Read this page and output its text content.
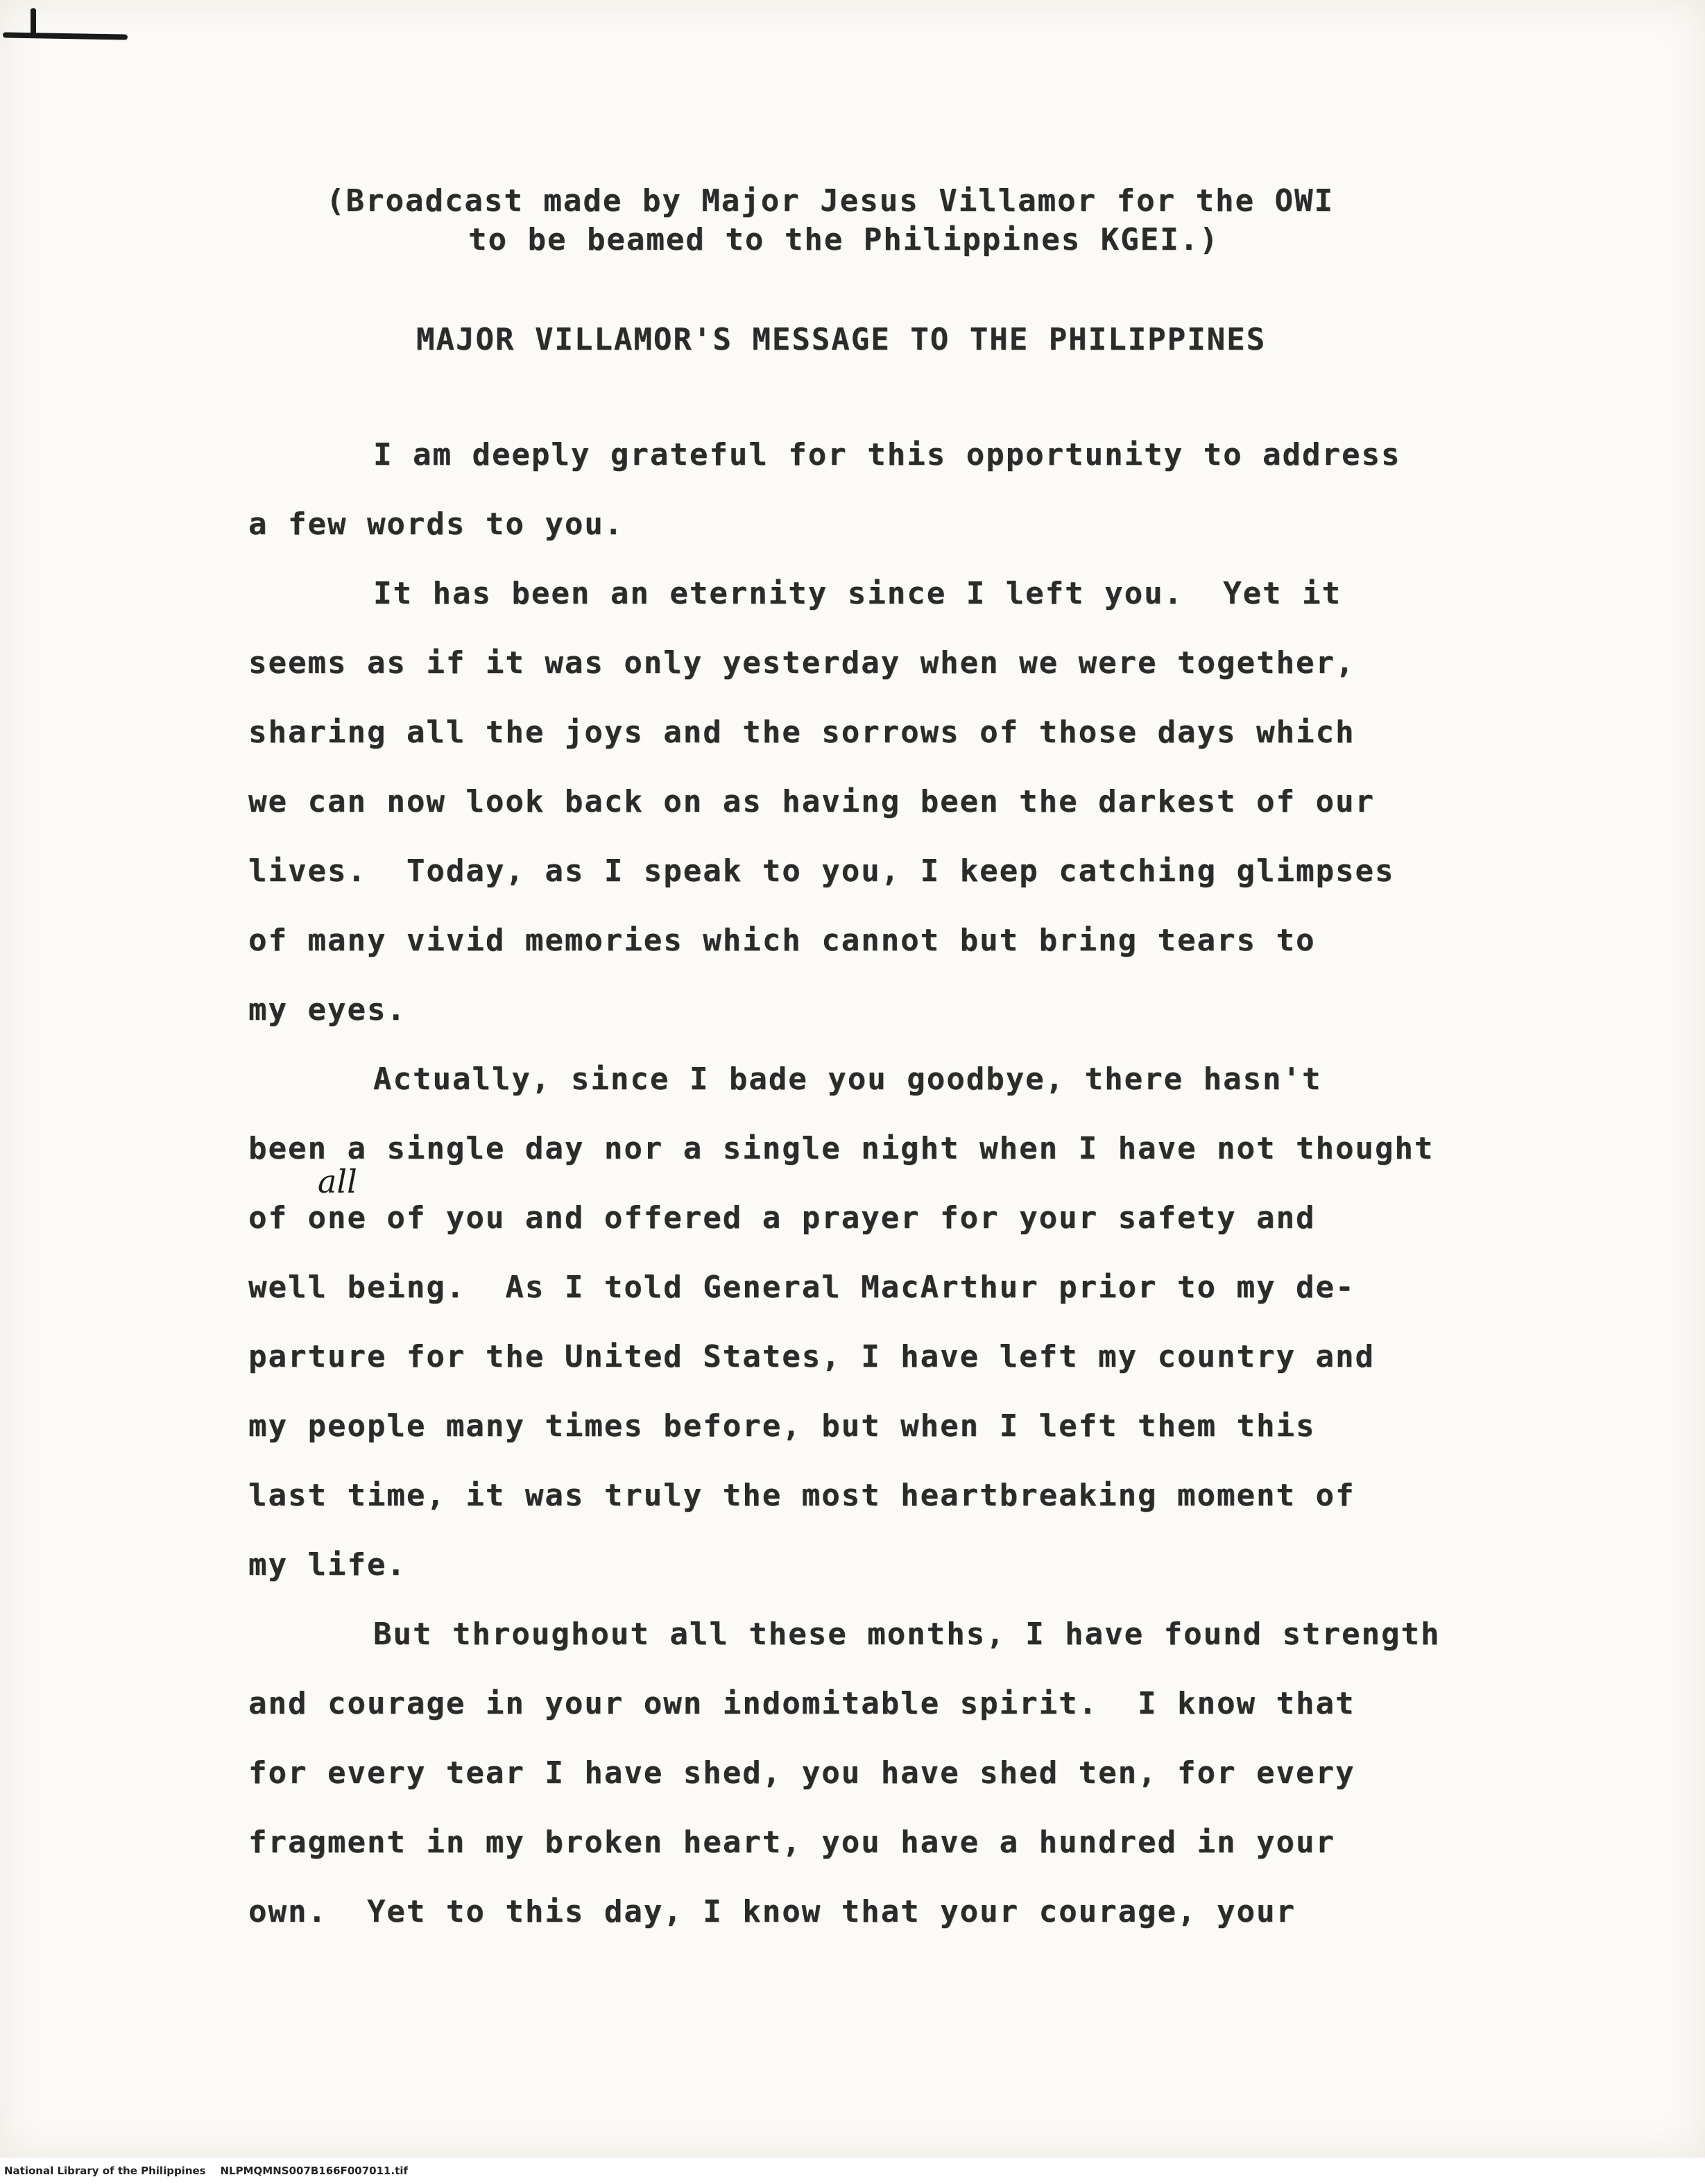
(Broadcast made by Major Jesus Villamor for the OWI
to be beamed to the Philippines KGEI.)
MAJOR VILLAMOR'S MESSAGE TO THE PHILIPPINES
I am deeply grateful for this opportunity to address
a few words to you.
It has been an eternity since I left you.  Yet it
seems as if it was only yesterday when we were together,
sharing all the joys and the sorrows of those days which
we can now look back on as having been the darkest of our
lives.  Today, as I speak to you, I keep catching glimpses
of many vivid memories which cannot but bring tears to
my eyes.
Actually, since I bade you goodbye, there hasn't
been a single day nor a single night when I have not thought
of one of you and offered a prayer for your safety and
well being.  As I told General MacArthur prior to my de-
parture for the United States, I have left my country and
my people many times before, but when I left them this
last time, it was truly the most heartbreaking moment of
my life.
But throughout all these months, I have found strength
and courage in your own indomitable spirit.  I know that
for every tear I have shed, you have shed ten, for every
fragment in my broken heart, you have a hundred in your
own.  Yet to this day, I know that your courage, your
all
National Library of the Philippines NLPMQMNS007B166F007011.tif
